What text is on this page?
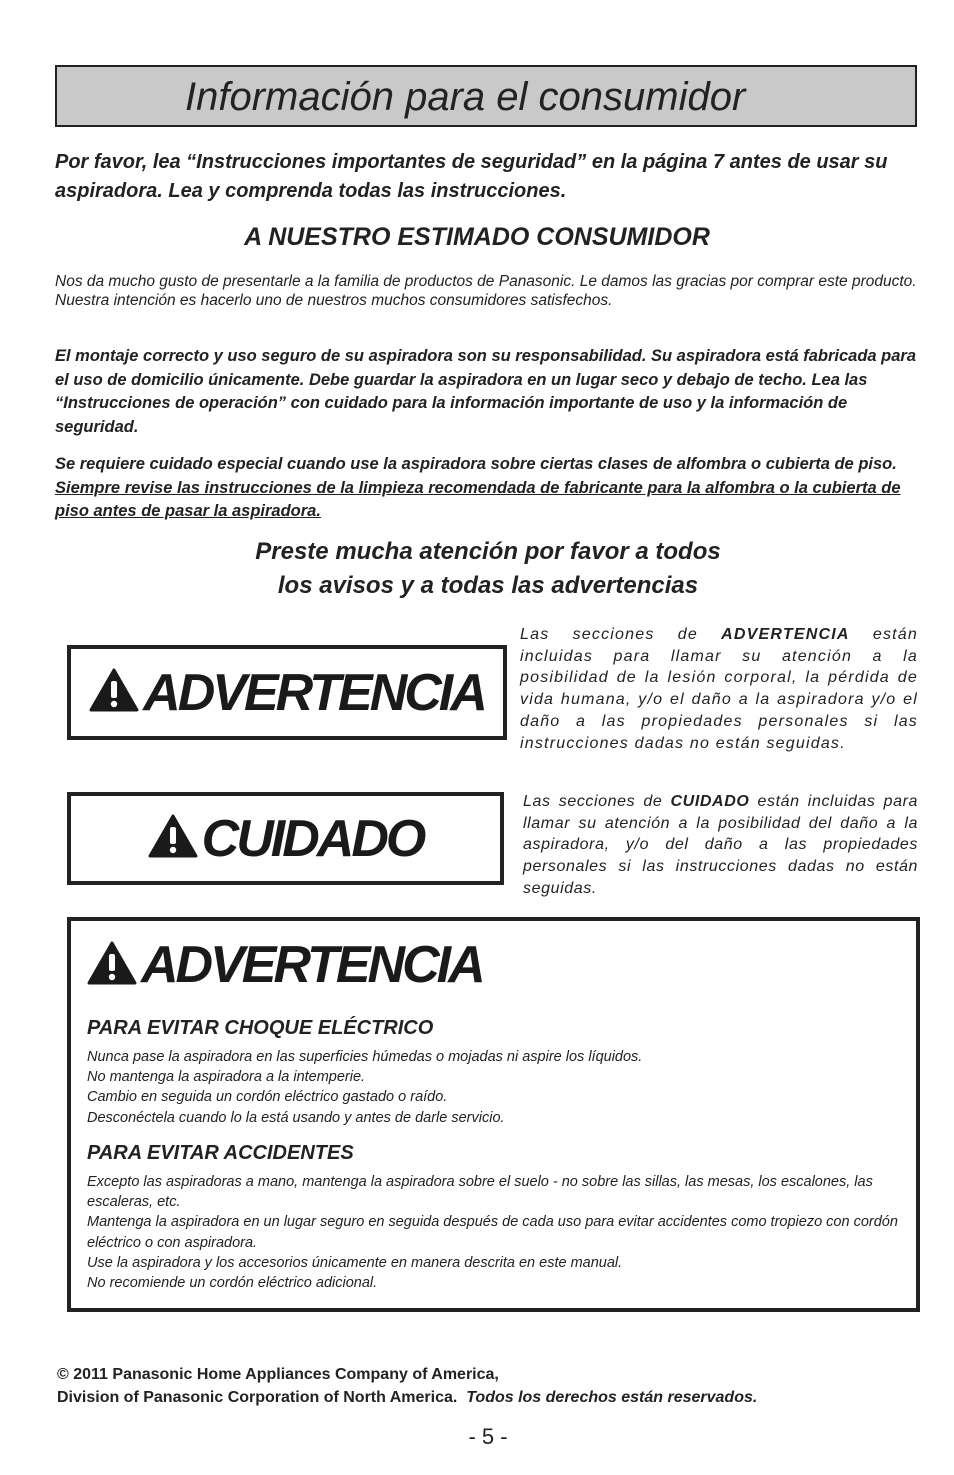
Información para el consumidor
Por favor, lea “Instrucciones importantes de seguridad” en la página 7 antes de usar su aspiradora. Lea y comprenda todas las instrucciones.
A NUESTRO ESTIMADO CONSUMIDOR
Nos da mucho gusto de presentarle a la familia de productos de Panasonic. Le damos las gracias por comprar este producto. Nuestra intención es hacerlo uno de nuestros muchos consumidores satisfechos.
El montaje correcto y uso seguro de su aspiradora son su responsabilidad. Su aspiradora está fabricada para el uso de domicilio únicamente. Debe guardar la aspiradora en un lugar seco y debajo de techo. Lea las “Instrucciones de operación” con cuidado para la información importante de uso y la información de seguridad.
Se requiere cuidado especial cuando use la aspiradora sobre ciertas clases de alfombra o cubierta de piso. Siempre revise las instrucciones de la limpieza recomendada de fabricante para la alfombra o la cubierta de piso antes de pasar la aspiradora.
Preste mucha atención por favor a todos
los avisos y a todas las advertencias
ADVERTENCIA
Las secciones de ADVERTENCIA están incluidas para llamar su atención a la posibilidad de la lesión corporal, la pérdida de vida humana, y/o el daño a la aspiradora y/o el daño a las propiedades personales si las instrucciones dadas no están seguidas.
CUIDADO
Las secciones de CUIDADO están incluidas para llamar su atención a la posibilidad del daño a la aspiradora, y/o del daño a las propiedades personales si las instrucciones dadas no están seguidas.
ADVERTENCIA
PARA EVITAR CHOQUE ELÉCTRICO
Nunca pase la aspiradora en las superficies húmedas o mojadas ni aspire los líquidos.
No mantenga la aspiradora a la intemperie.
Cambio en seguida un cordón eléctrico gastado o raído.
Desconéctela cuando lo la está usando y antes de darle servicio.
PARA EVITAR ACCIDENTES
Excepto las aspiradoras a mano, mantenga la aspiradora sobre el suelo - no sobre las sillas, las mesas, los escalones, las escaleras, etc.
Mantenga la aspiradora en un lugar seguro en seguida después de cada uso para evitar accidentes como tropiezo con cordón eléctrico o con aspiradora.
Use la aspiradora y los accesorios únicamente en manera descrita en este manual.
No recomiende un cordón eléctrico adicional.
© 2011 Panasonic Home Appliances Company of America,
Division of Panasonic Corporation of North America.  Todos los derechos están reservados.
- 5 -
